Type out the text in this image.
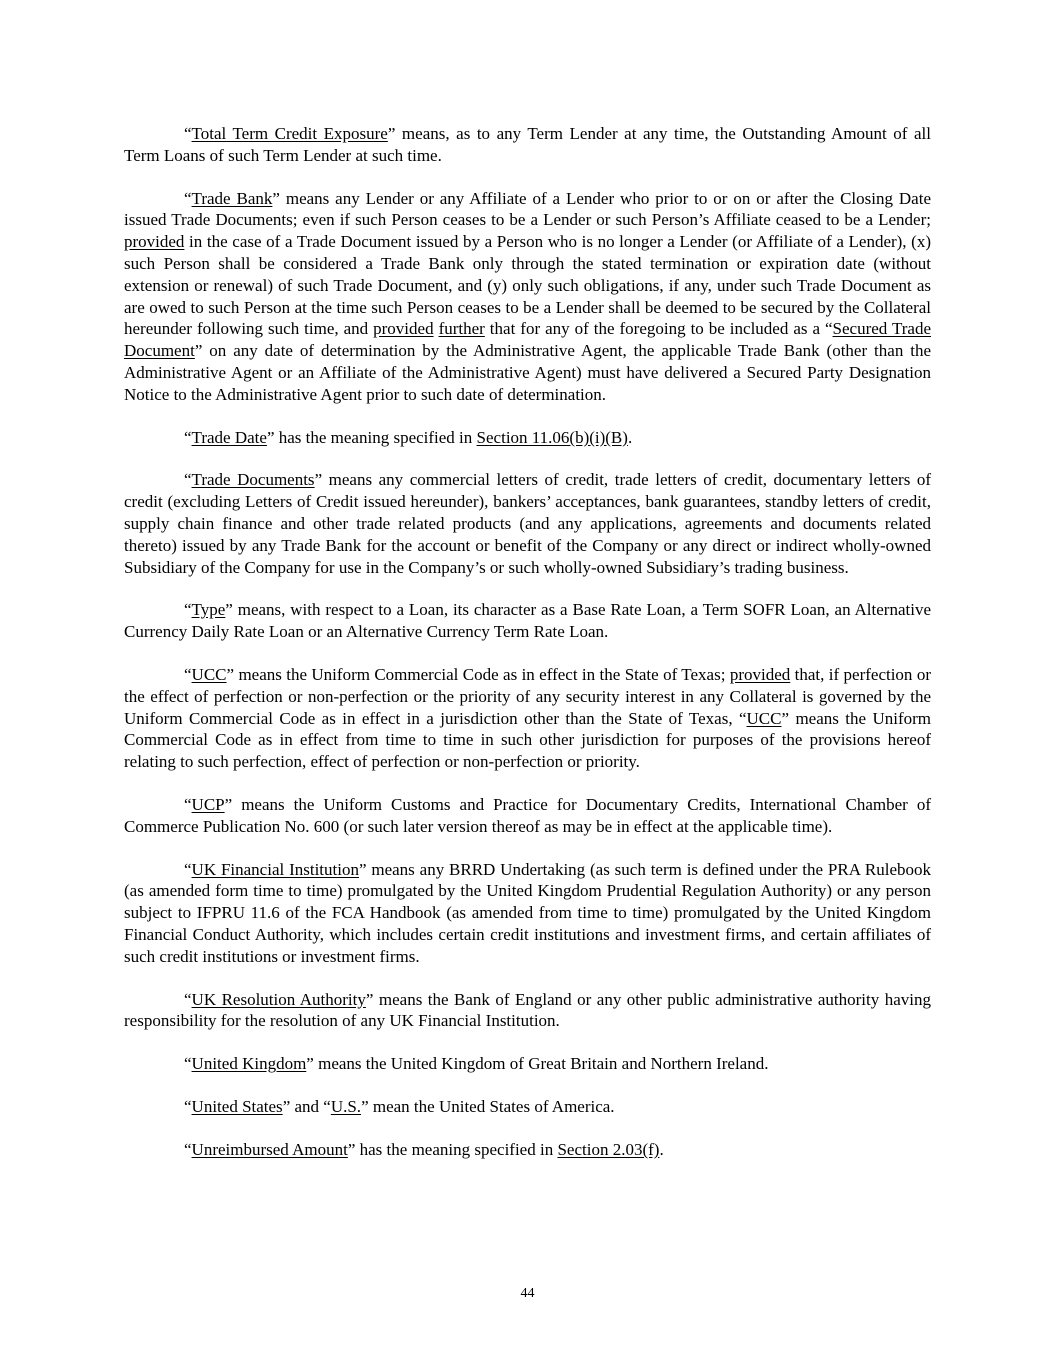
“Total Term Credit Exposure” means, as to any Term Lender at any time, the Outstanding Amount of all Term Loans of such Term Lender at such time.

“Trade Bank” means any Lender or any Affiliate of a Lender who prior to or on or after the Closing Date issued Trade Documents; even if such Person ceases to be a Lender or such Person’s Affiliate ceased to be a Lender; provided in the case of a Trade Document issued by a Person who is no longer a Lender (or Affiliate of a Lender), (x) such Person shall be considered a Trade Bank only through the stated termination or expiration date (without extension or renewal) of such Trade Document, and (y) only such obligations, if any, under such Trade Document as are owed to such Person at the time such Person ceases to be a Lender shall be deemed to be secured by the Collateral hereunder following such time, and provided further that for any of the foregoing to be included as a “Secured Trade Document” on any date of determination by the Administrative Agent, the applicable Trade Bank (other than the Administrative Agent or an Affiliate of the Administrative Agent) must have delivered a Secured Party Designation Notice to the Administrative Agent prior to such date of determination.

“Trade Date” has the meaning specified in Section 11.06(b)(i)(B).

“Trade Documents” means any commercial letters of credit, trade letters of credit, documentary letters of credit (excluding Letters of Credit issued hereunder), bankers’ acceptances, bank guarantees, standby letters of credit, supply chain finance and other trade related products (and any applications, agreements and documents related thereto) issued by any Trade Bank for the account or benefit of the Company or any direct or indirect wholly-owned Subsidiary of the Company for use in the Company’s or such wholly-owned Subsidiary’s trading business.

“Type” means, with respect to a Loan, its character as a Base Rate Loan, a Term SOFR Loan, an Alternative Currency Daily Rate Loan or an Alternative Currency Term Rate Loan.

“UCC” means the Uniform Commercial Code as in effect in the State of Texas; provided that, if perfection or the effect of perfection or non-perfection or the priority of any security interest in any Collateral is governed by the Uniform Commercial Code as in effect in a jurisdiction other than the State of Texas, “UCC” means the Uniform Commercial Code as in effect from time to time in such other jurisdiction for purposes of the provisions hereof relating to such perfection, effect of perfection or non-perfection or priority.

“UCP” means the Uniform Customs and Practice for Documentary Credits, International Chamber of Commerce Publication No. 600 (or such later version thereof as may be in effect at the applicable time).

“UK Financial Institution” means any BRRD Undertaking (as such term is defined under the PRA Rulebook (as amended form time to time) promulgated by the United Kingdom Prudential Regulation Authority) or any person subject to IFPRU 11.6 of the FCA Handbook (as amended from time to time) promulgated by the United Kingdom Financial Conduct Authority, which includes certain credit institutions and investment firms, and certain affiliates of such credit institutions or investment firms.

“UK Resolution Authority” means the Bank of England or any other public administrative authority having responsibility for the resolution of any UK Financial Institution.

“United Kingdom” means the United Kingdom of Great Britain and Northern Ireland.

“United States” and “U.S.” mean the United States of America.

“Unreimbursed Amount” has the meaning specified in Section 2.03(f).

44
